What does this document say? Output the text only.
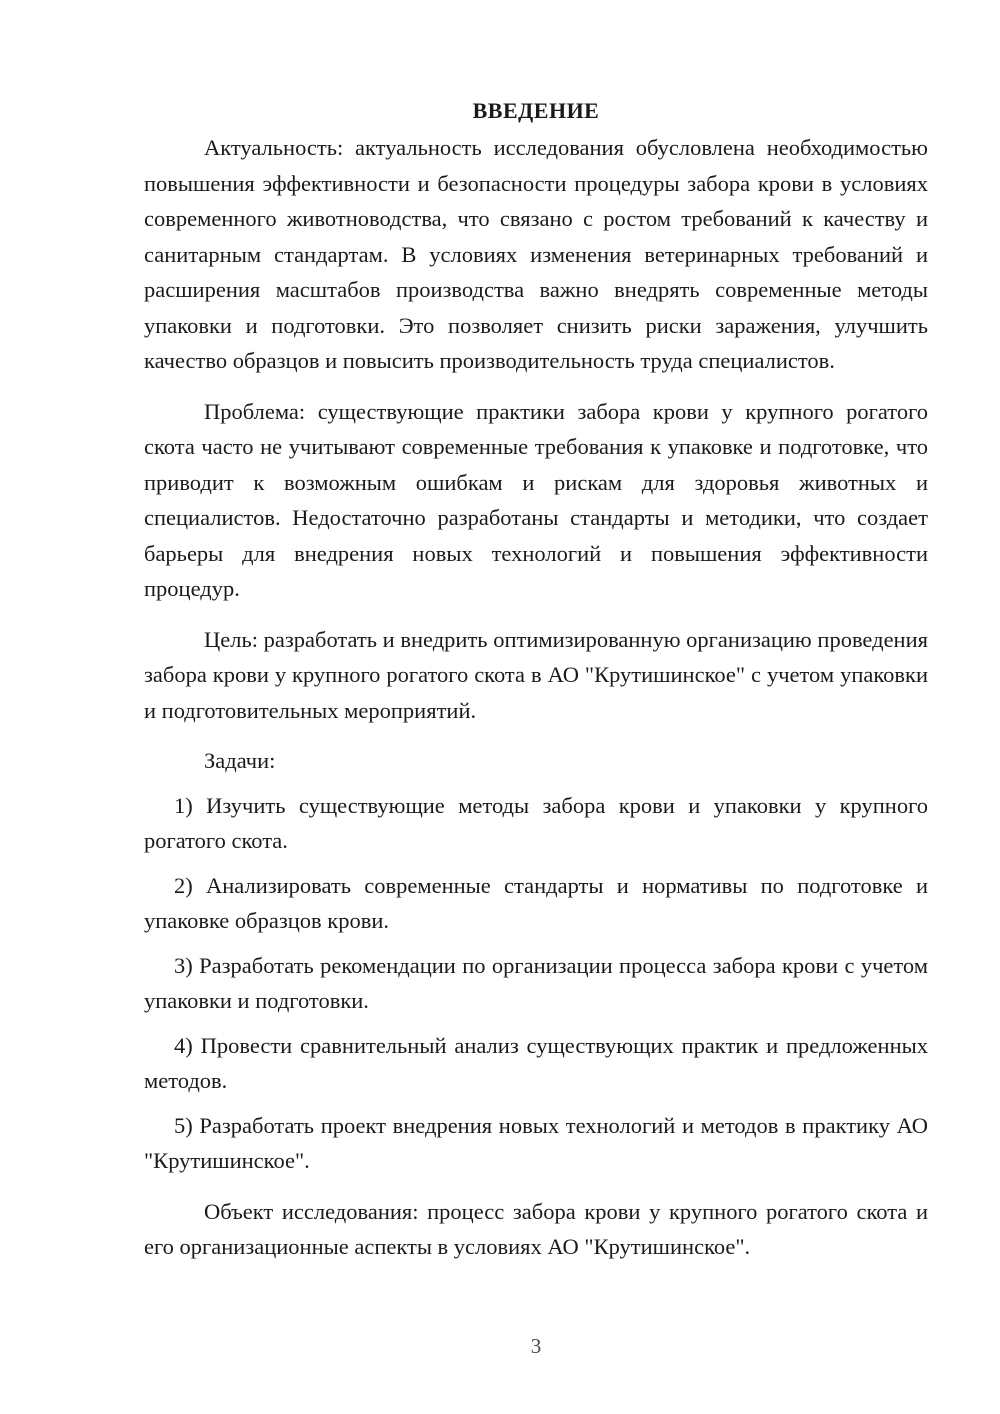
ВВЕДЕНИЕ

Актуальность: актуальность исследования обусловлена необходимостью повышения эффективности и безопасности процедуры забора крови в условиях современного животноводства, что связано с ростом требований к качеству и санитарным стандартам. В условиях изменения ветеринарных требований и расширения масштабов производства важно внедрять современные методы упаковки и подготовки. Это позволяет снизить риски заражения, улучшить качество образцов и повысить производительность труда специалистов.

Проблема: существующие практики забора крови у крупного рогатого скота часто не учитывают современные требования к упаковке и подготовке, что приводит к возможным ошибкам и рискам для здоровья животных и специалистов. Недостаточно разработаны стандарты и методики, что создает барьеры для внедрения новых технологий и повышения эффективности процедур.

Цель: разработать и внедрить оптимизированную организацию проведения забора крови у крупного рогатого скота в АО "Крутишинское" с учетом упаковки и подготовительных мероприятий.

Задачи:

1) Изучить существующие методы забора крови и упаковки у крупного рогатого скота.

2) Анализировать современные стандарты и нормативы по подготовке и упаковке образцов крови.

3) Разработать рекомендации по организации процесса забора крови с учетом упаковки и подготовки.

4) Провести сравнительный анализ существующих практик и предложенных методов.

5) Разработать проект внедрения новых технологий и методов в практику АО "Крутишинское".

Объект исследования: процесс забора крови у крупного рогатого скота и его организационные аспекты в условиях АО "Крутишинское".

3
